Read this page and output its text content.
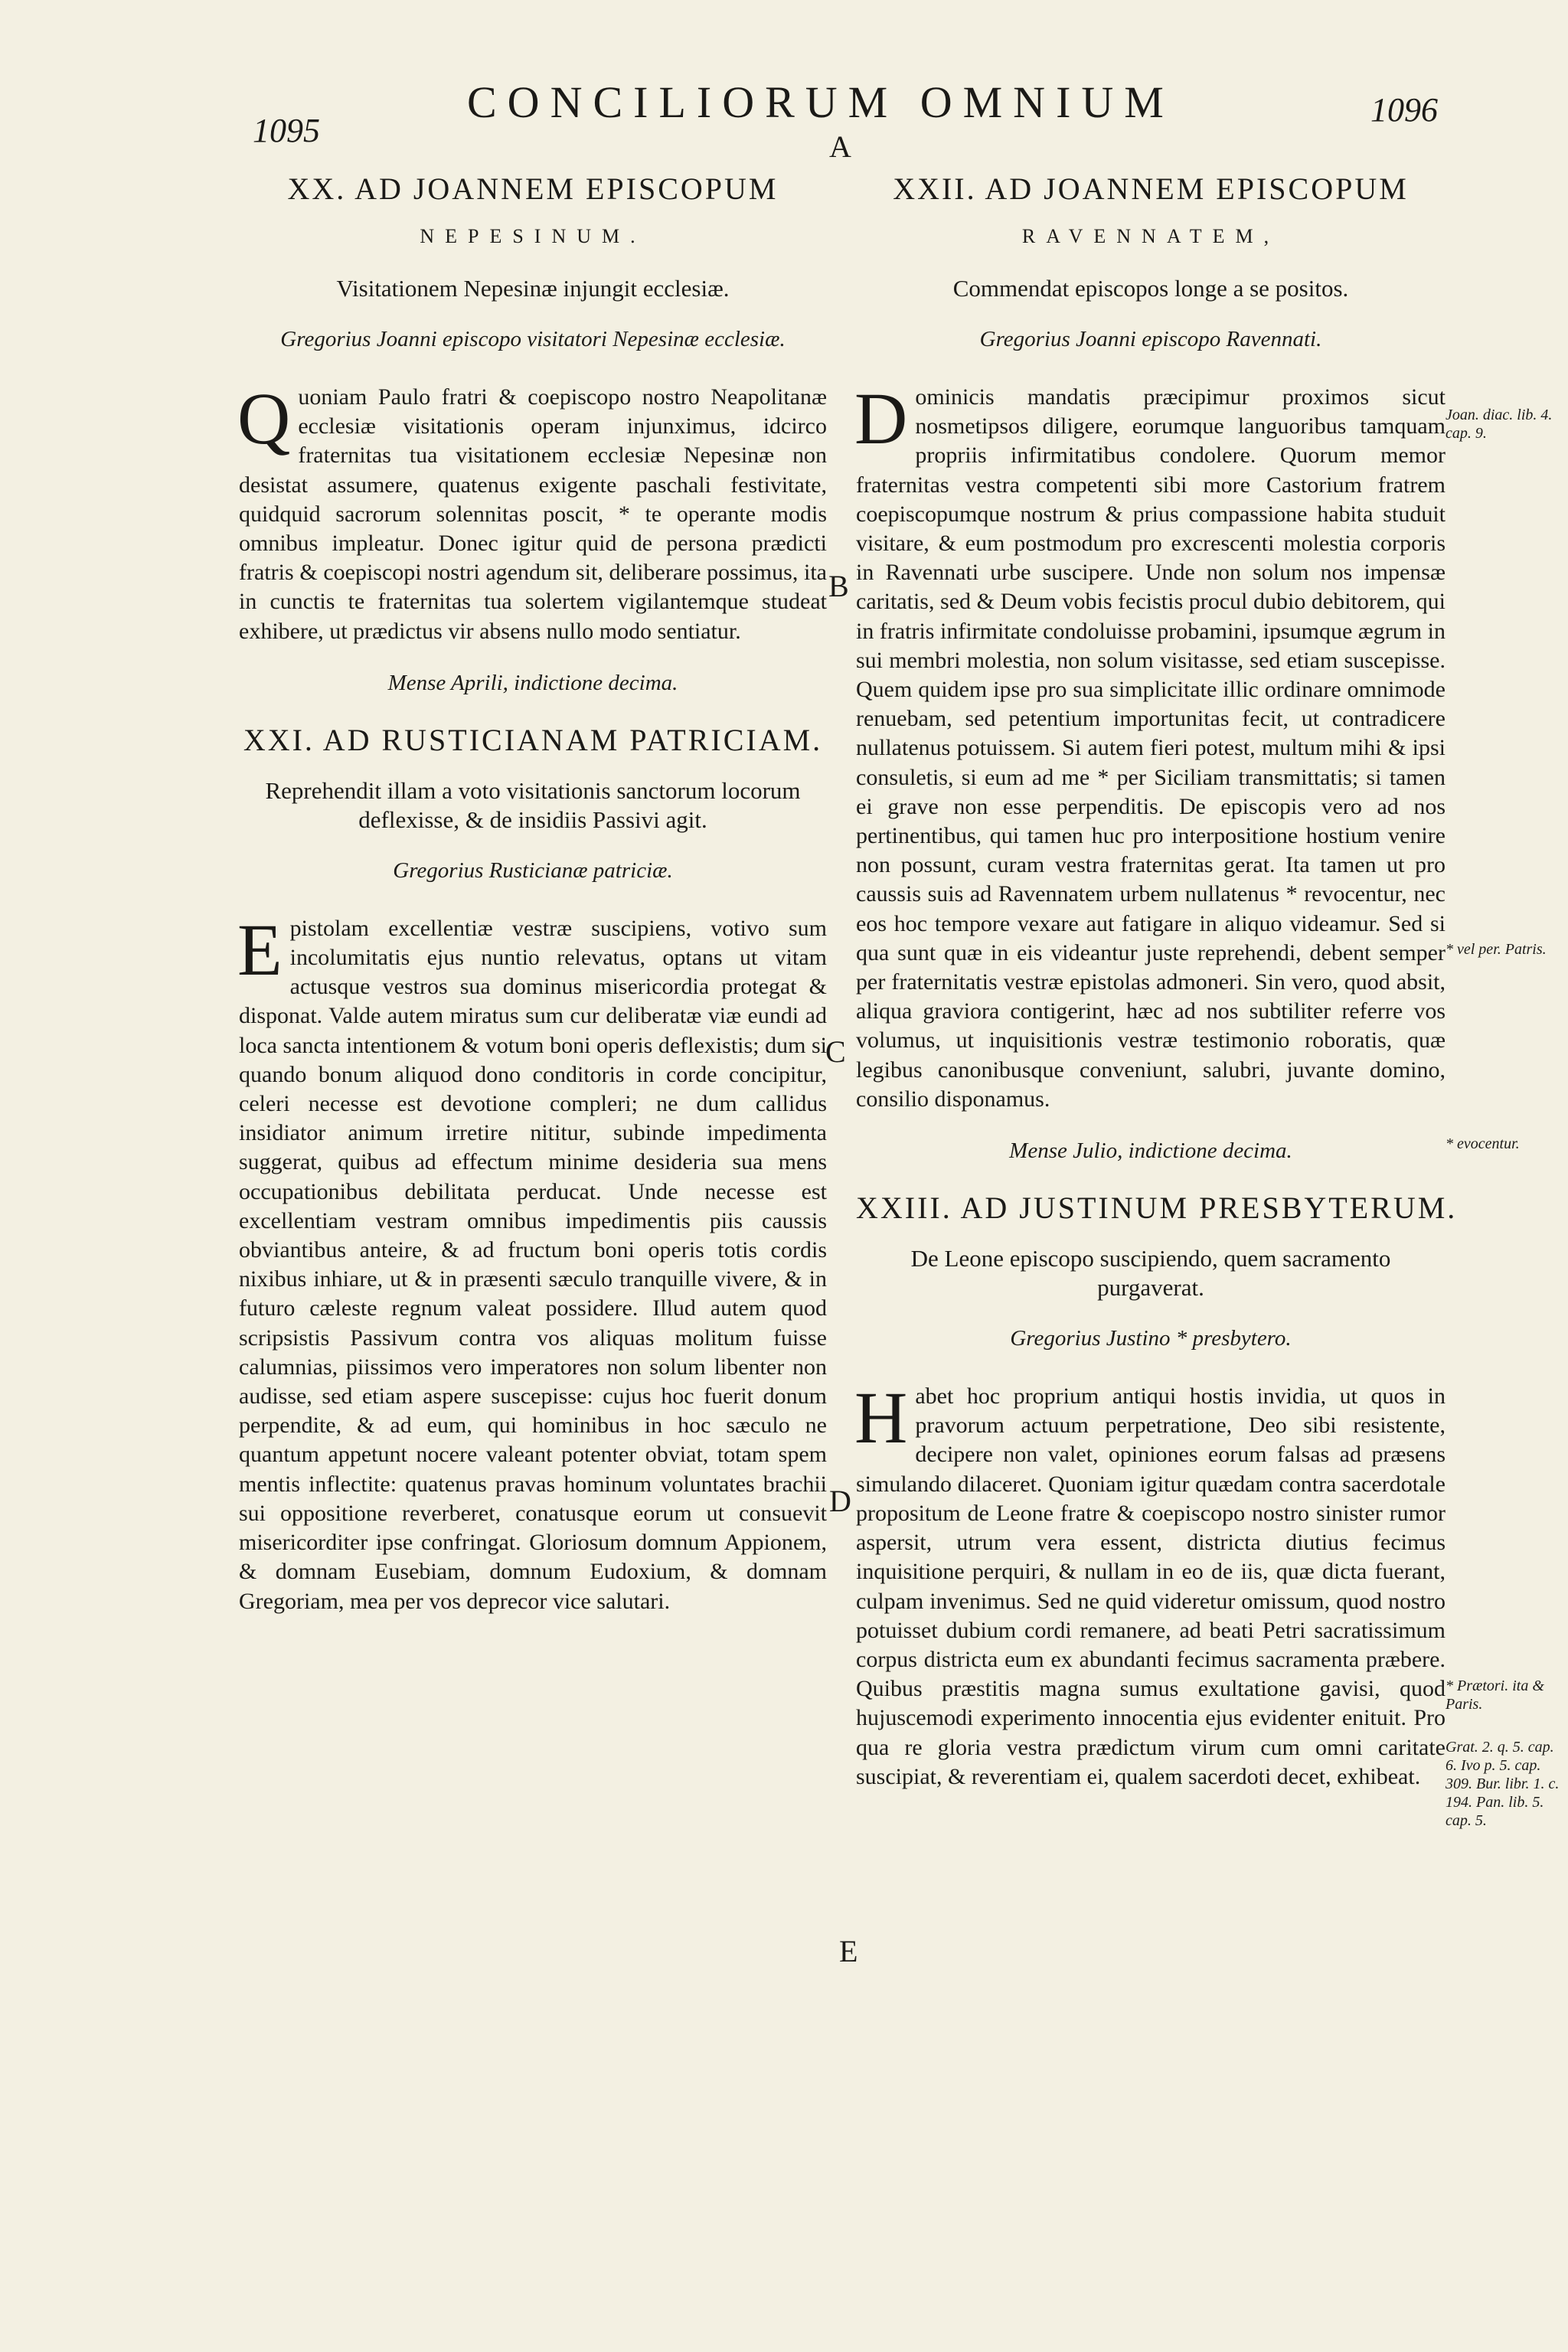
1095
CONCILIORUM OMNIUM	1096
A
B
C
D
E
XX. AD JOANNEM EPISCOPUM
NEPESINUM.
Visitationem Nepesinæ injungit ecclesiæ.
Gregorius Joanni episcopo visitatori Nepesinæ ecclesiæ.
Q uoniam Paulo fratri & coepiscopo nostro Neapolitanæ ecclesiæ visitationis operam injunximus, idcirco fraternitas tua visitationem ecclesiæ Nepesinæ non desistat assumere, quatenus exigente paschali festivitate, quidquid sacrorum solennitas poscit, * te operante modis omnibus impleatur. Donec igitur quid de persona prædicti fratris & coepiscopi nostri agendum sit, deliberare possimus, ita in cunctis te fraternitas tua solertem vigilantemque studeat exhibere, ut prædictus vir absens nullo modo sentiatur.
Mense Aprili, indictione decima.
XXI. AD RUSTICIANAM PATRICIAM.
Reprehendit illam a voto visitationis sanctorum locorum deflexisse, & de insidiis Passivi agit.
Gregorius Rusticianæ patriciæ.
E pistolam excellentiæ vestræ suscipiens, votivo sum incolumitatis ejus nuntio relevatus, optans ut vitam actusque vestros sua dominus misericordia protegat & disponat. Valde autem miratus sum cur deliberatæ viæ eundi ad loca sancta intentionem & votum boni operis deflexistis; dum si quando bonum aliquod dono conditoris in corde concipitur, celeri necesse est devotione compleri; ne dum callidus insidiator animum irretire nititur, subinde impedimenta suggerat, quibus ad effectum minime desideria sua mens occupationibus debilitata perducat. Unde necesse est excellentiam vestram omnibus impedimentis piis caussis obviantibus anteire, & ad fructum boni operis totis cordis nixibus inhiare, ut & in præsenti sæculo tranquille vivere, & in futuro cæleste regnum valeat possidere. Illud autem quod scripsistis Passivum contra vos aliquas molitum fuisse calumnias, piissimos vero imperatores non solum libenter non audisse, sed etiam aspere suscepisse: cujus hoc fuerit donum perpendite, & ad eum, qui hominibus in hoc sæculo ne quantum appetunt nocere valeant potenter obviat, totam spem mentis inflectite: quatenus pravas hominum voluntates brachii sui oppositione reverberet, conatusque eorum ut consuevit misericorditer ipse confringat. Gloriosum domnum Appionem, & domnam Eusebiam, domnum Eudoxium, & domnam Gregoriam, mea per vos deprecor vice salutari.
XXII. AD JOANNEM EPISCOPUM
RAVENNATEM,
Commendat episcopos longe a se positos.
Gregorius Joanni episcopo Ravennati.
D ominicis mandatis præcipimur proximos sicut nosmetipsos diligere, eorumque languoribus tamquam propriis infirmitatibus condolere. Quorum memor fraternitas vestra competenti sibi more Castorium fratrem coepiscopumque nostrum & prius compassione habita studuit visitare, & eum postmodum pro excrescenti molestia corporis in Ravennati urbe suscipere. Unde non solum nos impensæ caritatis, sed & Deum vobis fecistis procul dubio debitorem, qui in fratris infirmitate condoluisse probamini, ipsumque ægrum in sui membri molestia, non solum visitasse, sed etiam suscepisse. Quem quidem ipse pro sua simplicitate illic ordinare omnimode renuebam, sed petentium importunitas fecit, ut contradicere nullatenus potuissem. Si autem fieri potest, multum mihi & ipsi consuletis, si eum ad me * per Siciliam transmittatis; si tamen ei grave non esse perpenditis. De episcopis vero ad nos pertinentibus, qui tamen huc pro interpositione hostium venire non possunt, curam vestra fraternitas gerat. Ita tamen ut pro caussis suis ad Ravennatem urbem nullatenus * revocentur, nec eos hoc tempore vexare aut fatigare in aliquo videamur. Sed si qua sunt quæ in eis videantur juste reprehendi, debent semper per fraternitatis vestræ epistolas admoneri. Sin vero, quod absit, aliqua graviora contigerint, hæc ad nos subtiliter referre vos volumus, ut inquisitionis vestræ testimonio roboratis, quæ legibus canonibusque conveniunt, salubri, juvante domino, consilio disponamus.
Mense Julio, indictione decima.
XXIII. AD JUSTINUM PRESBYTERUM.
De Leone episcopo suscipiendo, quem sacramento purgaverat.
Gregorius Justino * presbytero.
H abet hoc proprium antiqui hostis invidia, ut quos in pravorum actuum perpetratione, Deo sibi resistente, decipere non valet, opiniones eorum falsas ad præsens simulando dilaceret. Quoniam igitur quædam contra sacerdotale propositum de Leone fratre & coepiscopo nostro sinister rumor aspersit, utrum vera essent, districta diutius fecimus inquisitione perquiri, & nullam in eo de iis, quæ dicta fuerant, culpam invenimus. Sed ne quid videretur omissum, quod nostro potuisset dubium cordi remanere, ad beati Petri sacratissimum corpus districta eum ex abundanti fecimus sacramenta præbere. Quibus præstitis magna sumus exultatione gavisi, quod hujuscemodi experimento innocentia ejus evidenter enituit. Pro qua re gloria vestra prædictum virum cum omni caritate suscipiat, & reverentiam ei, qualem sacerdoti decet, exhibeat.
Joan. diac. lib. 4. cap. 9.
* vel per. Patris.
* evocentur.
* Prætori. ita & Paris.
Grat. 2. q. 5. cap. 6. Ivo p. 5. cap. 309. Bur. libr. 1. c. 194. Pan. lib. 5. cap. 5.
